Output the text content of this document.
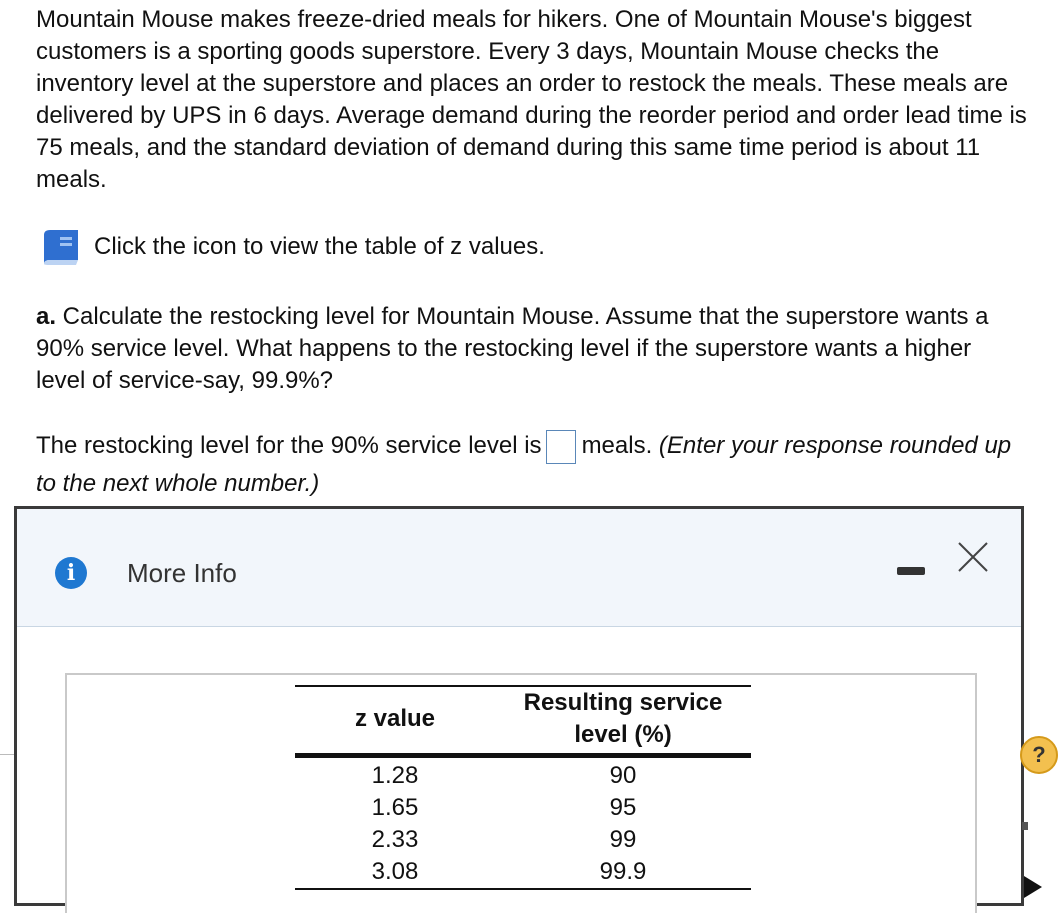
Mountain Mouse makes freeze-dried meals for hikers. One of Mountain Mouse's biggest customers is a sporting goods superstore. Every 3 days, Mountain Mouse checks the inventory level at the superstore and places an order to restock the meals. These meals are delivered by UPS in 6 days. Average demand during the reorder period and order lead time is 75 meals, and the standard deviation of demand during this same time period is about 11 meals.

Click the icon to view the table of z values.

a. Calculate the restocking level for Mountain Mouse. Assume that the superstore wants a 90% service level. What happens to the restocking level if the superstore wants a higher level of service-say, 99.9%?

The restocking level for the 90% service level is meals. (Enter your response rounded up to the next whole number.)

i	More Info
z value	Resulting service level (%)
1.28	90
1.65	95
2.33	99
3.08	99.9
?
